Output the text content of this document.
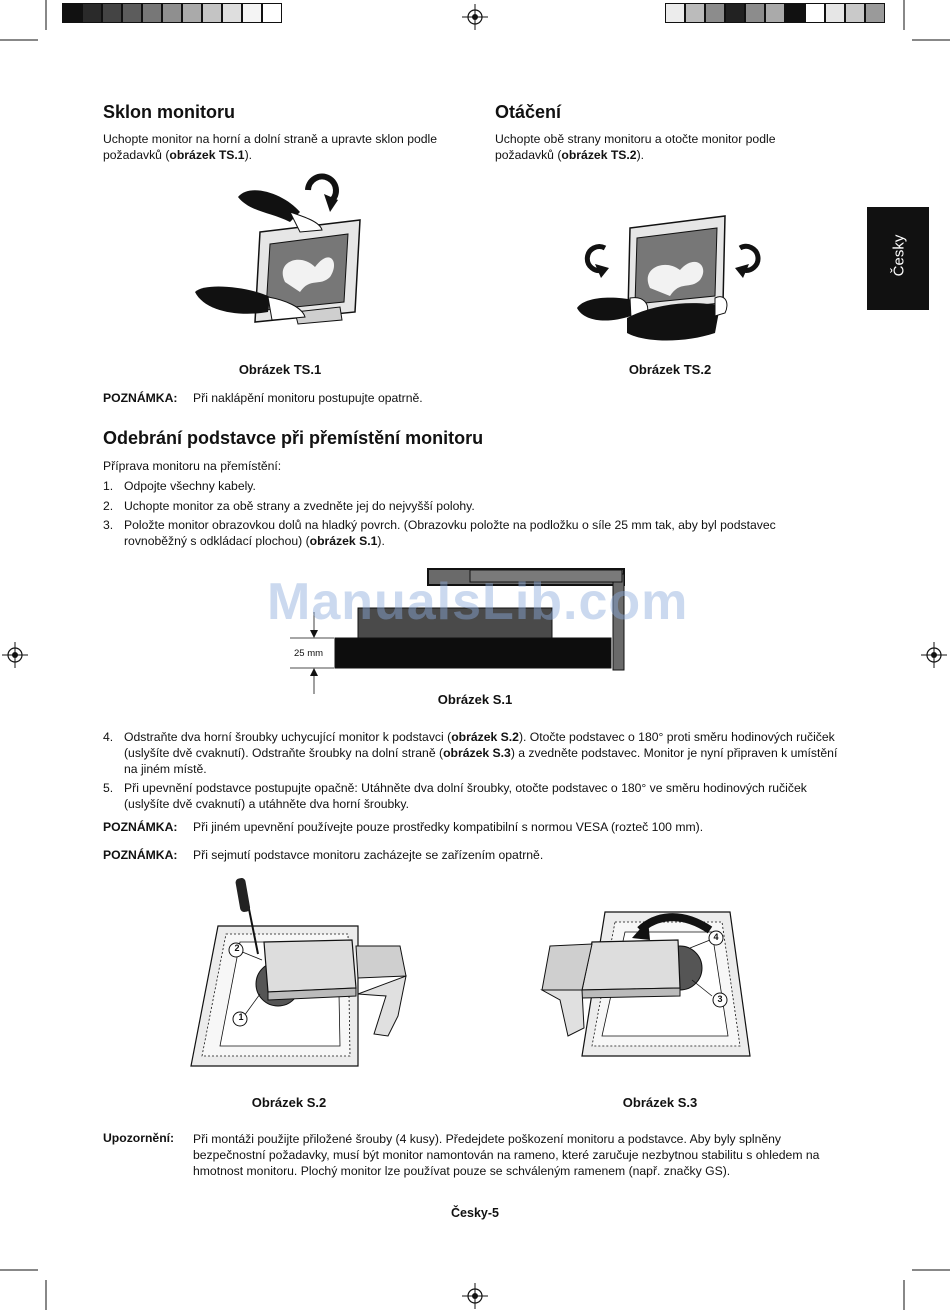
Česky
Sklon monitoru
Uchopte monitor na horní a dolní straně a upravte sklon podle požadavků (obrázek TS.1).
Otáčení
Uchopte obě strany monitoru a otočte monitor podle požadavků (obrázek TS.2).
Obrázek TS.1	Obrázek TS.2
POZNÁMKA: Při naklápění monitoru postupujte opatrně.
Odebrání podstavce při přemístění monitoru
Příprava monitoru na přemístění:
1. Odpojte všechny kabely.
2. Uchopte monitor za obě strany a zvedněte jej do nejvyšší polohy.
3. Položte monitor obrazovkou dolů na hladký povrch. (Obrazovku položte na podložku o síle 25 mm tak, aby byl podstavec rovnoběžný s odkládací plochou) (obrázek S.1).
25 mm
ManualsLib.com
Obrázek S.1
4. Odstraňte dva horní šroubky uchycující monitor k podstavci (obrázek S.2). Otočte podstavec o 180° proti směru hodinových ručiček (uslyšíte dvě cvaknutí). Odstraňte šroubky na dolní straně (obrázek S.3) a zvedněte podstavec. Monitor je nyní připraven k umístění na jiném místě.
5. Při upevnění podstavce postupujte opačně: Utáhněte dva dolní šroubky, otočte podstavec o 180° ve směru hodinových ručiček (uslyšíte dvě cvaknutí) a utáhněte dva horní šroubky.
POZNÁMKA: Při jiném upevnění používejte pouze prostředky kompatibilní s normou VESA (rozteč 100 mm).
POZNÁMKA: Při sejmutí podstavce monitoru zacházejte se zařízením opatrně.
2
1
Obrázek S.2
4
3
Obrázek S.3
Upozornění: Při montáži použijte přiložené šrouby (4 kusy). Předejdete poškození monitoru a podstavce. Aby byly splněny bezpečnostní požadavky, musí být monitor namontován na rameno, které zaručuje nezbytnou stabilitu s ohledem na hmotnost monitoru. Plochý monitor lze používat pouze se schváleným ramenem (např. značky GS).
Česky-5
